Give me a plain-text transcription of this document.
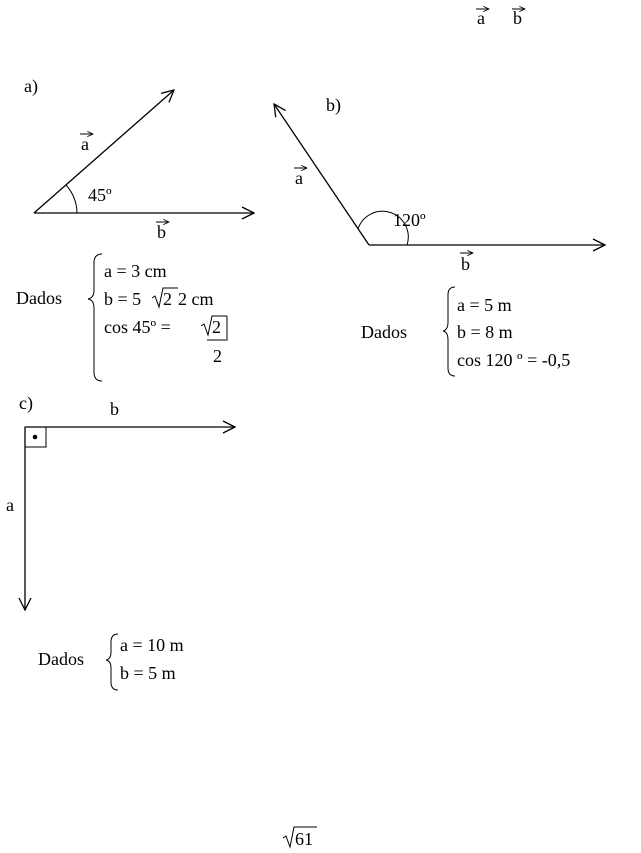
a b
a)
a
45º
b
Dados
a = 3 cm
b = 5 2 2 cm
cos 45º = 2
2
b)
a
120º
b
Dados
a = 5 m
b = 8 m
cos 120 º = -0,5
c)	b
a
Dados
a = 10 m
b = 5 m
61
